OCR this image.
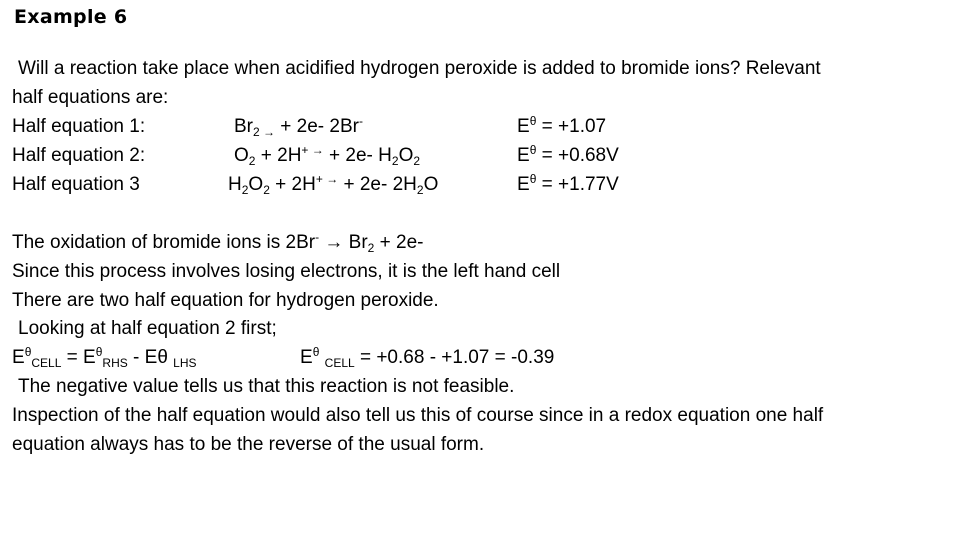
Example 6
Will a reaction take place when acidified hydrogen peroxide is added to bromide ions? Relevant
half equations are:
Half equation 1:	$Br_{2 \to} + 2e-$ 2Br-	$E^\theta = +1.07$
Half equation 2:	$O_2 + 2H^{+ \to} + 2e-$ $H_2O_2$	$E^\theta = +0.68V$
Half equation 3	$H_2O_2 + 2H^{+ \to} + 2e-$ $2H_2O$	$E^\theta = +1.77V$
The oxidation of bromide ions is $2Br^- \to Br_2 + 2e-$
Since this process involves losing electrons, it is the left hand cell
There are two half equation for hydrogen peroxide.
Looking at half equation 2 first;
$E^\theta_{CELL} = E^\theta_{RHS} - E\theta$ $_{LHS}$	$E^\theta$ $_{CELL}$ = +0.68 - +1.07 = -0.39
The negative value tells us that this reaction is not feasible.
Inspection of the half equation would also tell us this of course since in a redox equation one half
equation always has to be the reverse of the usual form.
